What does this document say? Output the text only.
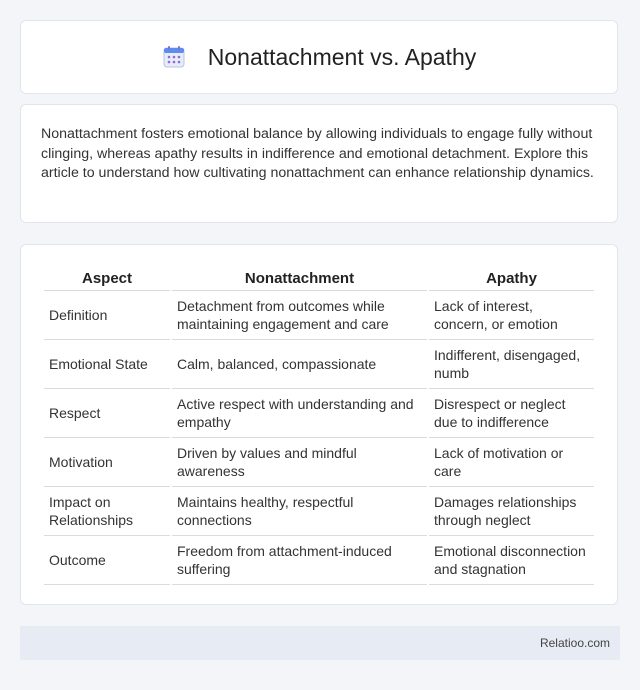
Nonattachment vs. Apathy

Nonattachment fosters emotional balance by allowing individuals to engage fully without clinging, whereas apathy results in indifference and emotional detachment. Explore this article to understand how cultivating nonattachment can enhance relationship dynamics.

Aspect	Nonattachment	Apathy
Definition	Detachment from outcomes while maintaining engagement and care	Lack of interest, concern, or emotion
Emotional State	Calm, balanced, compassionate	Indifferent, disengaged, numb
Respect	Active respect with understanding and empathy	Disrespect or neglect due to indifference
Motivation	Driven by values and mindful awareness	Lack of motivation or care
Impact on Relationships	Maintains healthy, respectful connections	Damages relationships through neglect
Outcome	Freedom from attachment-induced suffering	Emotional disconnection and stagnation
Relatioo.com
